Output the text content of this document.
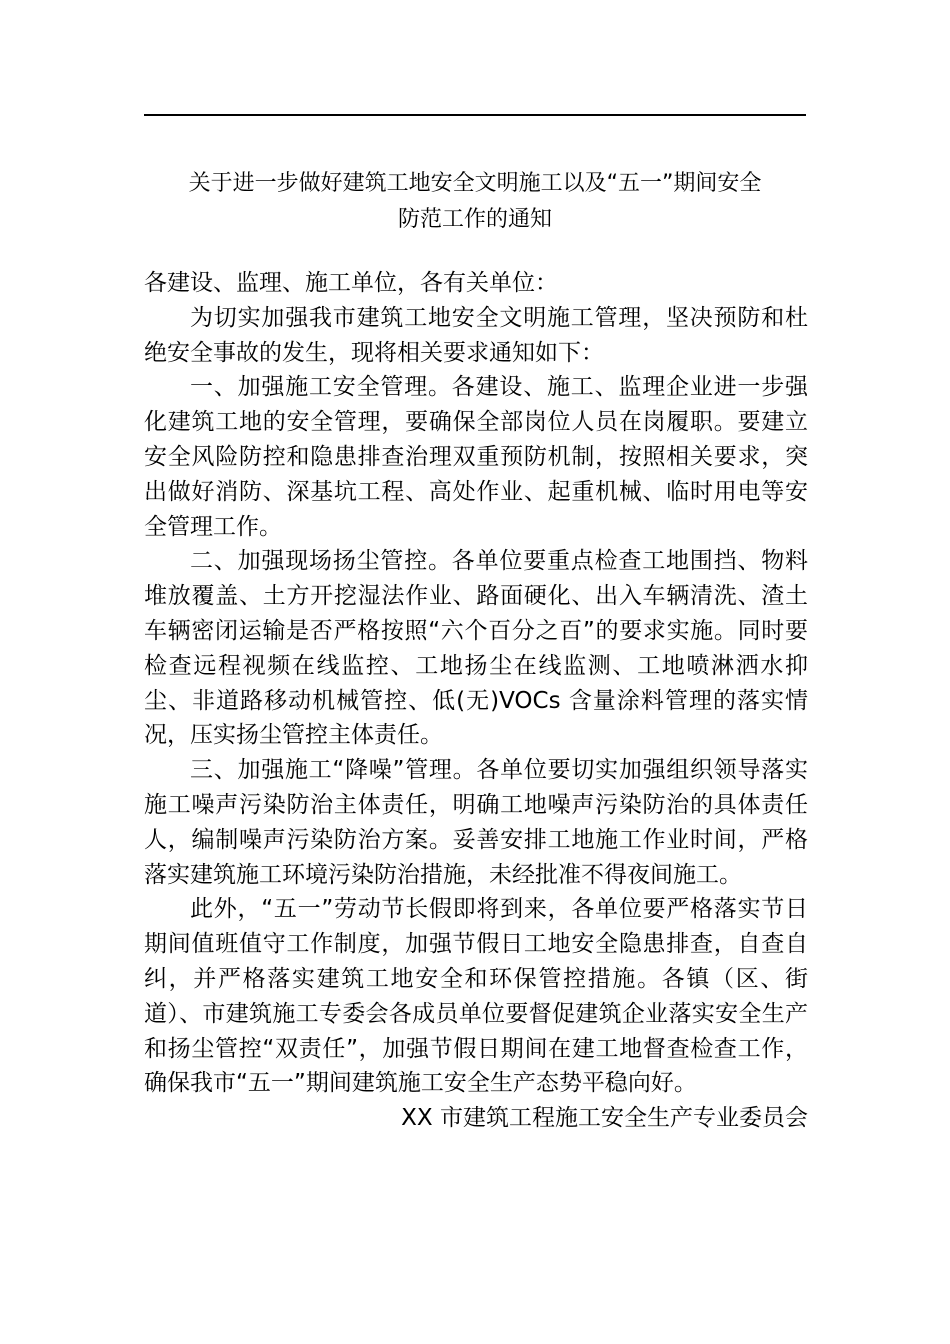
关于进一步做好建筑工地安全文明施工以及“五一”期间安全
防范工作的通知

各建设、监理、施工单位，各有关单位：

为切实加强我市建筑工地安全文明施工管理，坚决预防和杜绝安全事故的发生，现将相关要求通知如下：

一、加强施工安全管理。各建设、施工、监理企业进一步强化建筑工地的安全管理，要确保全部岗位人员在岗履职。要建立安全风险防控和隐患排查治理双重预防机制，按照相关要求，突出做好消防、深基坑工程、高处作业、起重机械、临时用电等安全管理工作。

二、加强现场扬尘管控。各单位要重点检查工地围挡、物料堆放覆盖、土方开挖湿法作业、路面硬化、出入车辆清洗、渣土车辆密闭运输是否严格按照“六个百分之百”的要求实施。同时要检查远程视频在线监控、工地扬尘在线监测、工地喷淋洒水抑尘、非道路移动机械管控、低(无)VOCs 含量涂料管理的落实情况，压实扬尘管控主体责任。

三、加强施工“降噪”管理。各单位要切实加强组织领导落实施工噪声污染防治主体责任，明确工地噪声污染防治的具体责任人，编制噪声污染防治方案。妥善安排工地施工作业时间，严格落实建筑施工环境污染防治措施，未经批准不得夜间施工。

此外，“五一”劳动节长假即将到来，各单位要严格落实节日期间值班值守工作制度，加强节假日工地安全隐患排查，自查自纠，并严格落实建筑工地安全和环保管控措施。各镇（区、街道）、市建筑施工专委会各成员单位要督促建筑企业落实安全生产和扬尘管控“双责任”，加强节假日期间在建工地督查检查工作，确保我市“五一”期间建筑施工安全生产态势平稳向好。

XX 市建筑工程施工安全生产专业委员会
